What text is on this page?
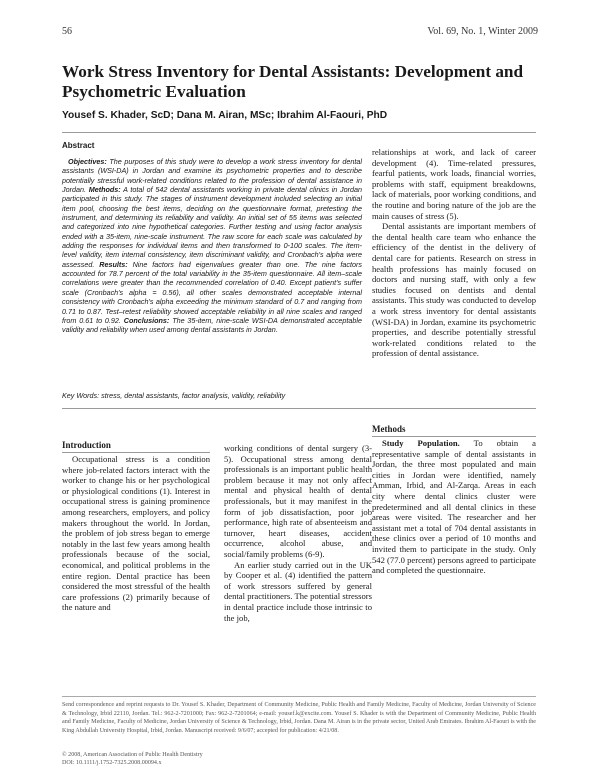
56	Vol. 69, No. 1, Winter 2009
Work Stress Inventory for Dental Assistants: Development and Psychometric Evaluation
Yousef S. Khader, ScD; Dana M. Airan, MSc; Ibrahim Al-Faouri, PhD
Abstract

Objectives: The purposes of this study were to develop a work stress inventory for dental assistants (WSI-DA) in Jordan and examine its psychometric properties and to describe potentially stressful work-related conditions related to the profession of dental assistance in Jordan. Methods: A total of 542 dental assistants working in private dental clinics in Jordan participated in this study. The stages of instrument development included selecting an initial item pool, choosing the best items, deciding on the questionnaire format, pretesting the instrument, and determining its reliability and validity. An initial set of 55 items was selected and categorized into nine hypothetical categories. Further testing and using factor analysis ended with a 35-item, nine-scale instrument. The raw score for each scale was calculated by adding the responses for individual items and then transformed to 0-100 scales. The item-level validity, item internal consistency, item discriminant validity, and Cronbach's alpha were assessed. Results: Nine factors had eigenvalues greater than one. The nine factors accounted for 78.7 percent of the total variability in the 35-item questionnaire. All item–scale correlations were greater than the recommended correlation of 0.40. Except patient's suffer scale (Cronbach's alpha = 0.56), all other scales demonstrated acceptable internal consistency with Cronbach's alpha exceeding the minimum standard of 0.7 and ranging from 0.71 to 0.87. Test–retest reliability showed acceptable reliability in all nine scales and ranged from 0.61 to 0.92. Conclusions: The 35-item, nine-scale WSI-DA demonstrated acceptable validity and reliability when used among dental assistants in Jordan.

Key Words: stress, dental assistants, factor analysis, validity, reliability
Introduction

Occupational stress is a condition where job-related factors interact with the worker to change his or her psychological or physiological conditions (1). Interest in occupational stress is gaining prominence among researchers, employers, and policy makers throughout the world. In Jordan, the problem of job stress began to emerge notably in the last few years among health professionals because of the social, economical, and political problems in the entire region. Dental practice has been considered the most stressful of the health care professions (2) primarily because of the nature and

working conditions of dental surgery (3-5). Occupational stress among dental professionals is an important public health problem because it may not only affect mental and physical health of dental professionals, but it may manifest in the form of job dissatisfaction, poor job performance, high rate of absenteeism and turnover, heart diseases, accident occurrence, alcohol abuse, and social/family problems (6-9).

An earlier study carried out in the UK by Cooper et al. (4) identified the pattern of work stressors suffered by general dental practitioners. The potential stressors in dental practice include those intrinsic to the job,

relationships at work, and lack of career development (4). Time-related pressures, fearful patients, work loads, financial worries, problems with staff, equipment breakdowns, lack of materials, poor working conditions, and the routine and boring nature of the job are the main causes of stress (5).

Dental assistants are important members of the dental health care team who enhance the efficiency of the dentist in the delivery of dental care for patients. Research on stress in health professions has mainly focused on doctors and nursing staff, with only a few studies focused on dentists and dental assistants. This study was conducted to develop a work stress inventory for dental assistants (WSI-DA) in Jordan, examine its psychometric properties, and describe potentially stressful work-related conditions related to the profession of dental assistance.

Methods

Study Population. To obtain a representative sample of dental assistants in Jordan, the three most populated and main cities in Jordan were identified, namely Amman, Irbid, and Al-Zarqa. Areas in each city where dental clinics cluster were predetermined and all dental clinics in these areas were visited. The researcher and her assistant met a total of 704 dental assistants in these clinics over a period of 10 months and invited them to participate in the study. Only 542 (77.0 percent) persons agreed to participate and completed the questionnaire.

Send correspondence and reprint requests to Dr. Yousef S. Khader, Department of Community Medicine, Public Health and Family Medicine, Faculty of Medicine, Jordan University of Science & Technology, Irbid 22110, Jordan. Tel.: 962-2-7201000; Fax: 962-2-7201064; e-mail: yousef.k@excite.com. Yousef S. Khader is with the Department of Community Medicine, Public Health and Family Medicine, Faculty of Medicine, Jordan University of Science & Technology, Irbid, Jordan. Dana M. Airan is in the private sector, United Arab Emirates. Ibrahim Al-Faouri is with the King Abdullah University Hospital, Irbid, Jordan. Manuscript received: 9/6/07; accepted for publication: 4/21/08.

© 2008, American Association of Public Health Dentistry
DOI: 10.1111/j.1752-7325.2008.00094.x
